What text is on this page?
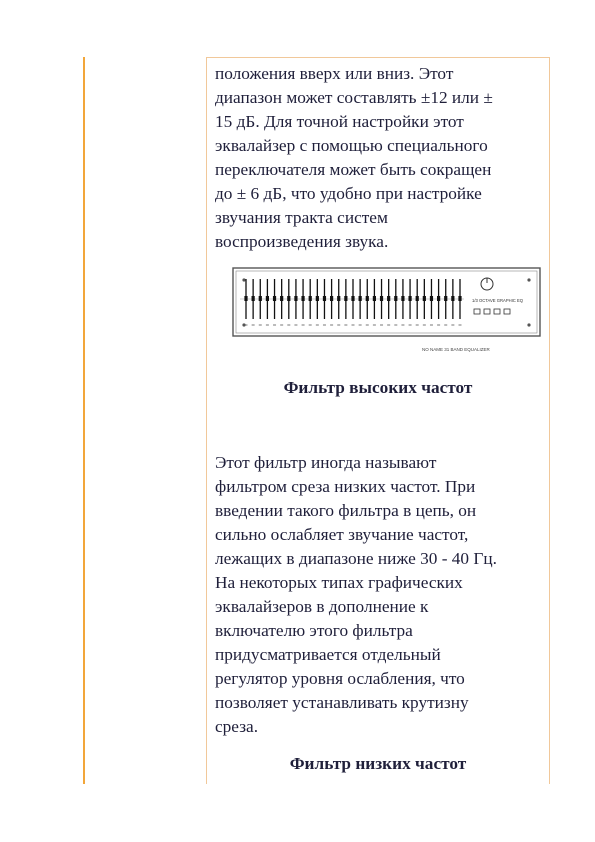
положения вверх или вниз. Этот
диапазон может составлять ±12 или ±
15 дБ. Для точной настройки этот
эквалайзер с помощью специального
переключателя может быть сокращен
до ± 6 дБ, что удобно при настройке
звучания тракта систем
воспроизведения звука.
1/3 OCTAVE GRAPHIC EQ
NO NAME 31 BAND EQUALIZER

Фильтр высоких частот

Этот фильтр иногда называют
фильтром среза низких частот. При
введении такого фильтра в цепь, он
сильно ослабляет звучание частот,
лежащих в диапазоне ниже 30 - 40 Гц.
На некоторых типах графических
эквалайзеров в дополнение к
включателю этого фильтра
придусматривается отдельный
регулятор уровня ослабления, что
позволяет устанавливать крутизну
среза.

Фильтр низких частот
